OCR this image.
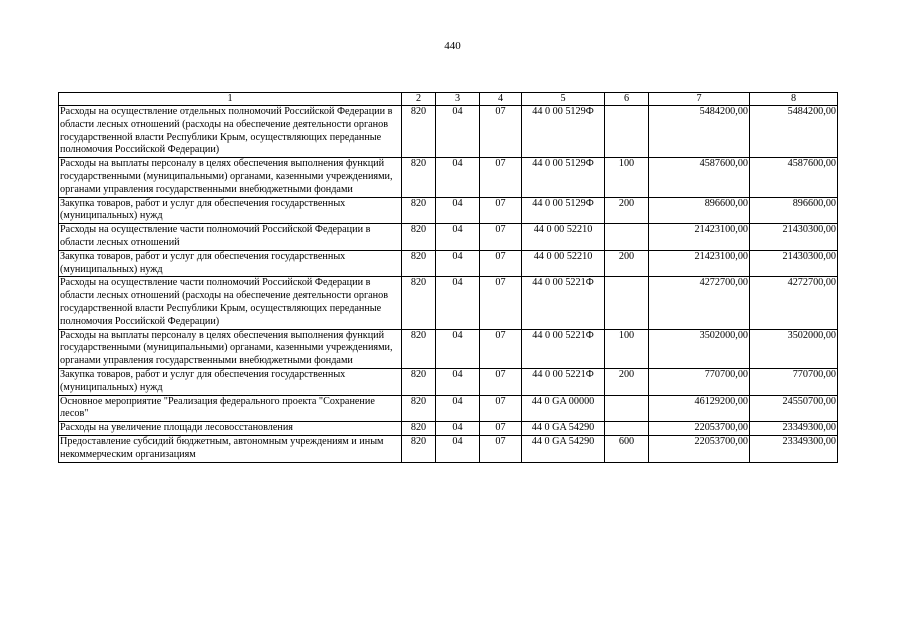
440
1	2	3	4	5	6	7	8
Расходы на осуществление отдельных полномочий Российской Федерации в области лесных отношений (расходы на обеспечение деятельности органов государственной власти Республики Крым, осуществляющих переданные полномочия Российской Федерации)	820	04	07	44 0 00 5129Ф		5484200,00	5484200,00
Расходы на выплаты персоналу в целях обеспечения выполнения функций государственными (муниципальными) органами, казенными учреждениями, органами управления государственными внебюджетными фондами	820	04	07	44 0 00 5129Ф	100	4587600,00	4587600,00
Закупка товаров, работ и услуг для обеспечения государственных (муниципальных) нужд	820	04	07	44 0 00 5129Ф	200	896600,00	896600,00
Расходы на осуществление части полномочий Российской Федерации в области лесных отношений	820	04	07	44 0 00 52210		21423100,00	21430300,00
Закупка товаров, работ и услуг для обеспечения государственных (муниципальных) нужд	820	04	07	44 0 00 52210	200	21423100,00	21430300,00
Расходы на осуществление части полномочий Российской Федерации в области лесных отношений (расходы на обеспечение деятельности органов государственной власти Республики Крым, осуществляющих переданные полномочия Российской Федерации)	820	04	07	44 0 00 5221Ф		4272700,00	4272700,00
Расходы на выплаты персоналу в целях обеспечения выполнения функций государственными (муниципальными) органами, казенными учреждениями, органами управления государственными внебюджетными фондами	820	04	07	44 0 00 5221Ф	100	3502000,00	3502000,00
Закупка товаров, работ и услуг для обеспечения государственных (муниципальных) нужд	820	04	07	44 0 00 5221Ф	200	770700,00	770700,00
Основное мероприятие "Реализация федерального проекта "Сохранение лесов"	820	04	07	44 0 GA 00000		46129200,00	24550700,00
Расходы на увеличение площади лесовосстановления	820	04	07	44 0 GA 54290		22053700,00	23349300,00
Предоставление субсидий бюджетным, автономным учреждениям и иным некоммерческим организациям	820	04	07	44 0 GA 54290	600	22053700,00	23349300,00
